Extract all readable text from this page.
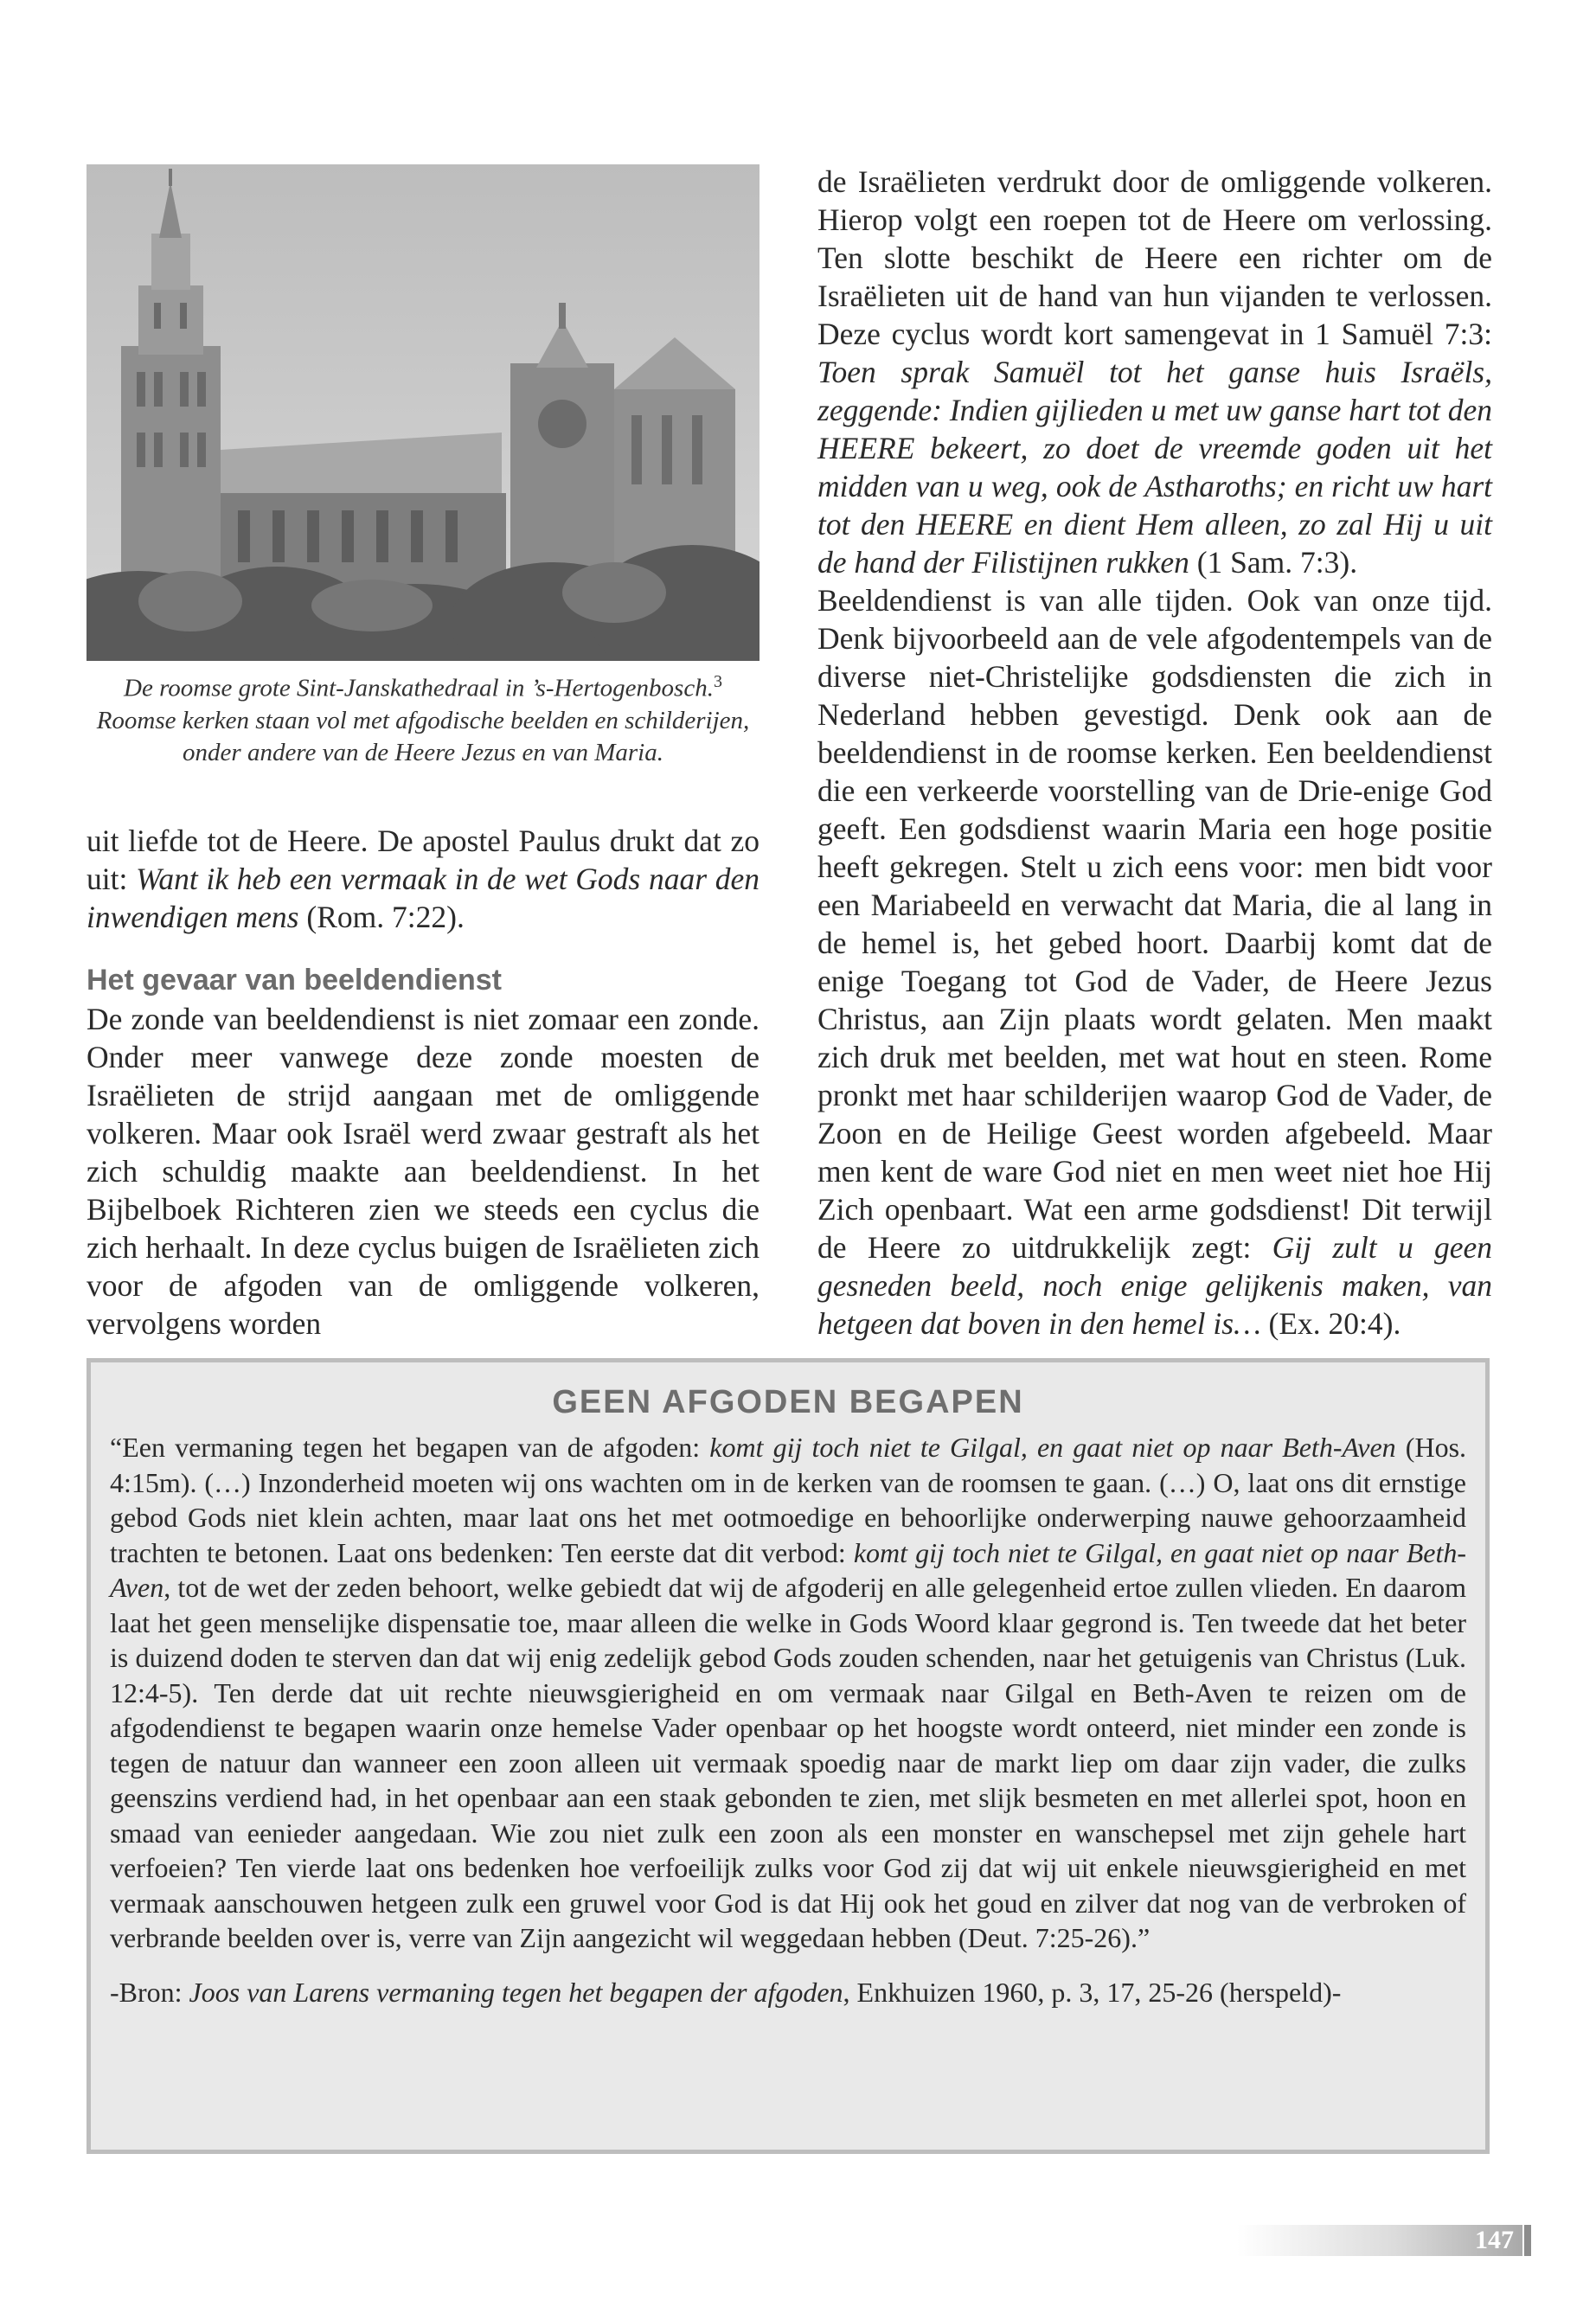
De roomse grote Sint-Janskathedraal in ’s-Hertogenbosch.$^3$
Roomse kerken staan vol met afgodische beelden en schilderijen, onder andere van de Heere Jezus en van Maria.

uit liefde tot de Heere. De apostel Paulus drukt dat zo uit: Want ik heb een vermaak in de wet Gods naar den inwendigen mens (Rom. 7:22).

Het gevaar van beeldendienst

De zonde van beeldendienst is niet zomaar een zonde. Onder meer vanwege deze zonde moesten de Israëlieten de strijd aangaan met de omliggende volkeren. Maar ook Israël werd zwaar gestraft als het zich schuldig maakte aan beeldendienst. In het Bijbelboek Richteren zien we steeds een cyclus die zich herhaalt. In deze cyclus buigen de Israëlieten zich voor de afgoden van de omliggende volkeren, vervolgens worden

de Israëlieten verdrukt door de omliggende volkeren. Hierop volgt een roepen tot de Heere om verlossing. Ten slotte beschikt de Heere een richter om de Israëlieten uit de hand van hun vijanden te verlossen. Deze cyclus wordt kort samengevat in 1 Samuël 7:3: Toen sprak Samuël tot het ganse huis Israëls, zeggende: Indien gijlieden u met uw ganse hart tot den HEERE bekeert, zo doet de vreemde goden uit het midden van u weg, ook de Astharoths; en richt uw hart tot den HEERE en dient Hem alleen, zo zal Hij u uit de hand der Filistijnen rukken (1 Sam. 7:3).

Beeldendienst is van alle tijden. Ook van onze tijd. Denk bijvoorbeeld aan de vele afgodentempels van de diverse niet-Christelijke godsdiensten die zich in Nederland hebben gevestigd. Denk ook aan de beeldendienst in de roomse kerken. Een beeldendienst die een verkeerde voorstelling van de Drie-enige God geeft. Een godsdienst waarin Maria een hoge positie heeft gekregen. Stelt u zich eens voor: men bidt voor een Mariabeeld en verwacht dat Maria, die al lang in de hemel is, het gebed hoort. Daarbij komt dat de enige Toegang tot God de Vader, de Heere Jezus Christus, aan Zijn plaats wordt gelaten. Men maakt zich druk met beelden, met wat hout en steen. Rome pronkt met haar schilderijen waarop God de Vader, de Zoon en de Heilige Geest worden afgebeeld. Maar men kent de ware God niet en men weet niet hoe Hij Zich openbaart. Wat een arme godsdienst! Dit terwijl de Heere zo uitdrukkelijk zegt: Gij zult u geen gesneden beeld, noch enige gelijkenis maken, van hetgeen dat boven in den hemel is… (Ex. 20:4).

GEEN AFGODEN BEGAPEN
“Een vermaning tegen het begapen van de afgoden: komt gij toch niet te Gilgal, en gaat niet op naar Beth-Aven (Hos. 4:15m). (…) Inzonderheid moeten wij ons wachten om in de kerken van de roomsen te gaan. (…) O, laat ons dit ernstige gebod Gods niet klein achten, maar laat ons het met ootmoedige en behoorlijke onderwerping nauwe gehoorzaamheid trachten te betonen. Laat ons bedenken: Ten eerste dat dit verbod: komt gij toch niet te Gilgal, en gaat niet op naar Beth-Aven, tot de wet der zeden behoort, welke gebiedt dat wij de afgoderij en alle gelegenheid ertoe zullen vlieden. En daarom laat het geen menselijke dispensatie toe, maar alleen die welke in Gods Woord klaar gegrond is. Ten tweede dat het beter is duizend doden te sterven dan dat wij enig zedelijk gebod Gods zouden schenden, naar het getuigenis van Christus (Luk. 12:4-5). Ten derde dat uit rechte nieuwsgierigheid en om vermaak naar Gilgal en Beth-Aven te reizen om de afgodendienst te begapen waarin onze hemelse Vader openbaar op het hoogste wordt onteerd, niet minder een zonde is tegen de natuur dan wanneer een zoon alleen uit vermaak spoedig naar de markt liep om daar zijn vader, die zulks geenszins verdiend had, in het openbaar aan een staak gebonden te zien, met slijk besmeten en met allerlei spot, hoon en smaad van eenieder aangedaan. Wie zou niet zulk een zoon als een monster en wanschepsel met zijn gehele hart verfoeien? Ten vierde laat ons bedenken hoe verfoeilijk zulks voor God zij dat wij uit enkele nieuwsgierigheid en met vermaak aanschouwen hetgeen zulk een gruwel voor God is dat Hij ook het goud en zilver dat nog van de verbroken of verbrande beelden over is, verre van Zijn aangezicht wil weggedaan hebben (Deut. 7:25-26).”
-Bron: Joos van Larens vermaning tegen het begapen der afgoden, Enkhuizen 1960, p. 3, 17, 25-26 (herspeld)-
147
